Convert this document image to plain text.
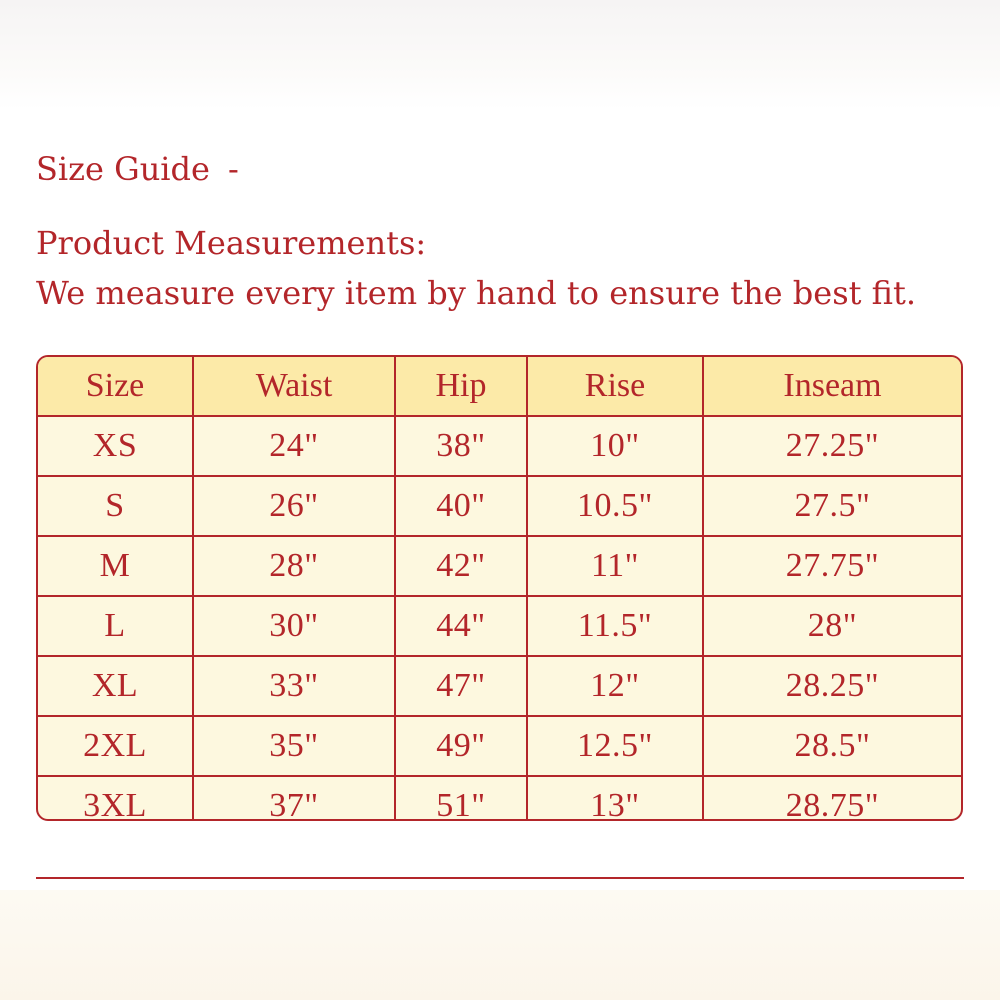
Size Guide -
Product Measurements:
We measure every item by hand to ensure the best fit.
Size	Waist	Hip	Rise	Inseam
XS	24"	38"	10"	27.25"
S	26"	40"	10.5"	27.5"
M	28"	42"	11"	27.75"
L	30"	44"	11.5"	28"
XL	33"	47"	12"	28.25"
2XL	35"	49"	12.5"	28.5"
3XL	37"	51"	13"	28.75"
